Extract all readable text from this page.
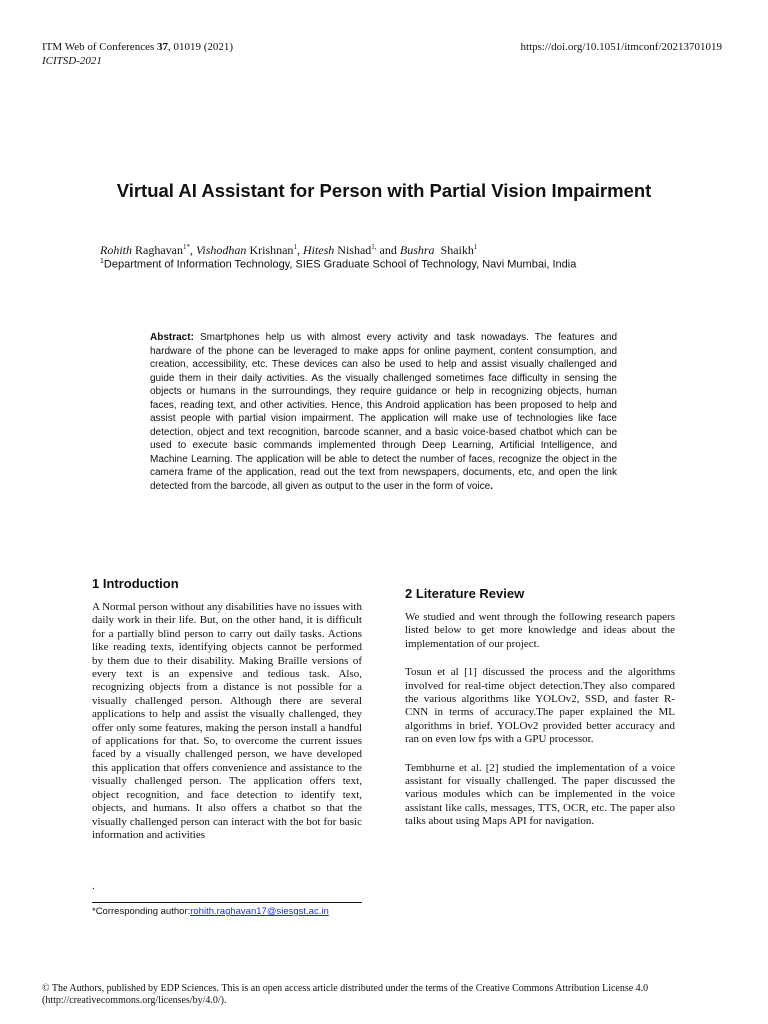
ITM Web of Conferences 37, 01019 (2021)
ICITSD-2021
https://doi.org/10.1051/itmconf/20213701019
Virtual AI Assistant for Person with Partial Vision Impairment
Rohith Raghavan$^{1*}$, Vishodhan Krishnan$^1$, Hitesh Nishad$^{1,}$ and Bushra  Shaikh$^1$
$^1$Department of Information Technology, SIES Graduate School of Technology, Navi Mumbai, India
Abstract: Smartphones help us with almost every activity and task nowadays. The features and hardware of the phone can be leveraged to make apps for online payment, content consumption, and creation, accessibility, etc. These devices can also be used to help and assist visually challenged and guide them in their daily activities. As the visually challenged sometimes face difficulty in sensing the objects or humans in the surroundings, they require guidance or help in recognizing objects, human faces, reading text, and other activities. Hence, this Android application has been proposed to help and assist people with partial vision impairment. The application will make use of technologies like face detection, object and text recognition, barcode scanner, and a basic voice-based chatbot which can be used to execute basic commands implemented through Deep Learning, Artificial Intelligence, and Machine Learning. The application will be able to detect the number of faces, recognize the object in the camera frame of the application, read out the text from newspapers, documents, etc, and open the link detected from the barcode, all given as output to the user in the form of voice.
1 Introduction

A Normal person without any disabilities have no issues with daily work in their life. But, on the other hand, it is difficult for a partially blind person to carry out daily tasks. Actions like reading texts, identifying objects cannot be performed by them due to their disability. Making Braille versions of every text is an expensive and tedious task. Also, recognizing objects from a distance is not possible for a visually challenged person. Although there are several applications to help and assist the visually challenged, they offer only some features, making the person install a handful of applications for that. So, to overcome the current issues faced by a visually challenged person, we have developed this application that offers convenience and assistance to the visually challenged person. The application offers text, object recognition, and face detection to identify text, objects, and humans. It also offers a chatbot so that the visually challenged person can interact with the bot for basic information and activities

.
2 Literature Review

We studied and went through the following research papers listed below to get more knowledge and ideas about the implementation of our project.

Tosun et al [1] discussed the process and the algorithms involved for real-time object detection.They also compared the various algorithms like YOLOv2, SSD, and faster R- CNN in terms of accuracy.The paper explained the ML algorithms in brief. YOLOv2 provided better accuracy and ran on even low fps with a GPU processor.

Tembhurne et al. [2] studied the implementation of a voice assistant for visually challenged. The paper discussed the various modules which can be implemented in the voice assistant like calls, messages, TTS, OCR, etc. The paper also talks about using Maps API for navigation.

*Corresponding author:rohith.raghavan17@siesgst.ac.in
© The Authors, published by EDP Sciences. This is an open access article distributed under the terms of the Creative Commons Attribution License 4.0
(http://creativecommons.org/licenses/by/4.0/).
